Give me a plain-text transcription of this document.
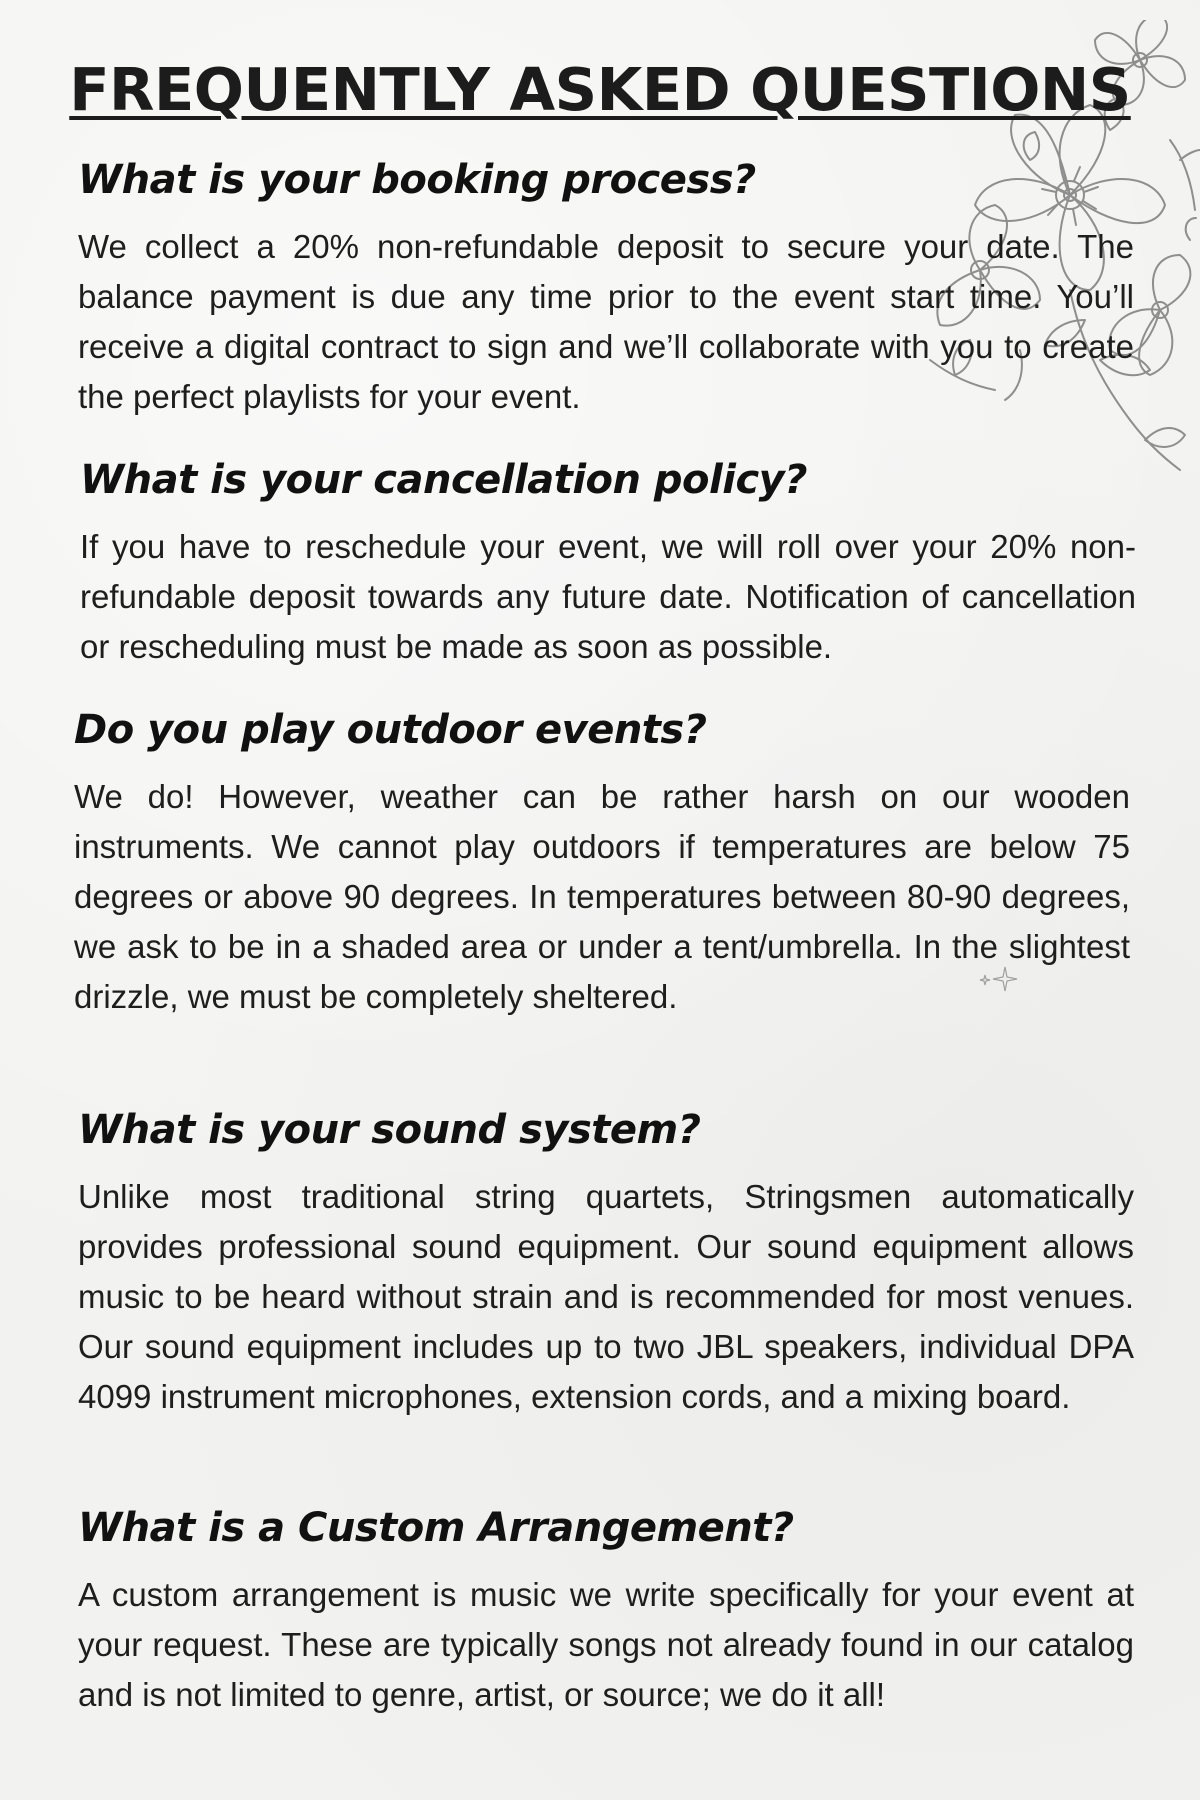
FREQUENTLY ASKED QUESTIONS
What is your booking process?

We collect a 20% non-refundable deposit to secure your date. The balance payment is due any time prior to the event start time. You’ll receive a digital contract to sign and we’ll collaborate with you to create the perfect playlists for your event.

What is your cancellation policy?

If you have to reschedule your event, we will roll over your 20% non-refundable deposit towards any future date. Notification of cancellation or rescheduling must be made as soon as possible.

Do you play outdoor events?

We do! However, weather can be rather harsh on our wooden instruments. We cannot play outdoors if temperatures are below 75 degrees or above 90 degrees. In temperatures between 80-90 degrees, we ask to be in a shaded area or under a tent/umbrella. In the slightest drizzle, we must be completely sheltered.

What is your sound system?

Unlike most traditional string quartets, Stringsmen automatically provides professional sound equipment. Our sound equipment allows music to be heard without strain and is recommended for most venues. Our sound equipment includes up to two JBL speakers, individual DPA 4099 instrument microphones, extension cords, and a mixing board.

What is a Custom Arrangement?

A custom arrangement is music we write specifically for your event at your request. These are typically songs not already found in our catalog and is not limited to genre, artist, or source; we do it all!
